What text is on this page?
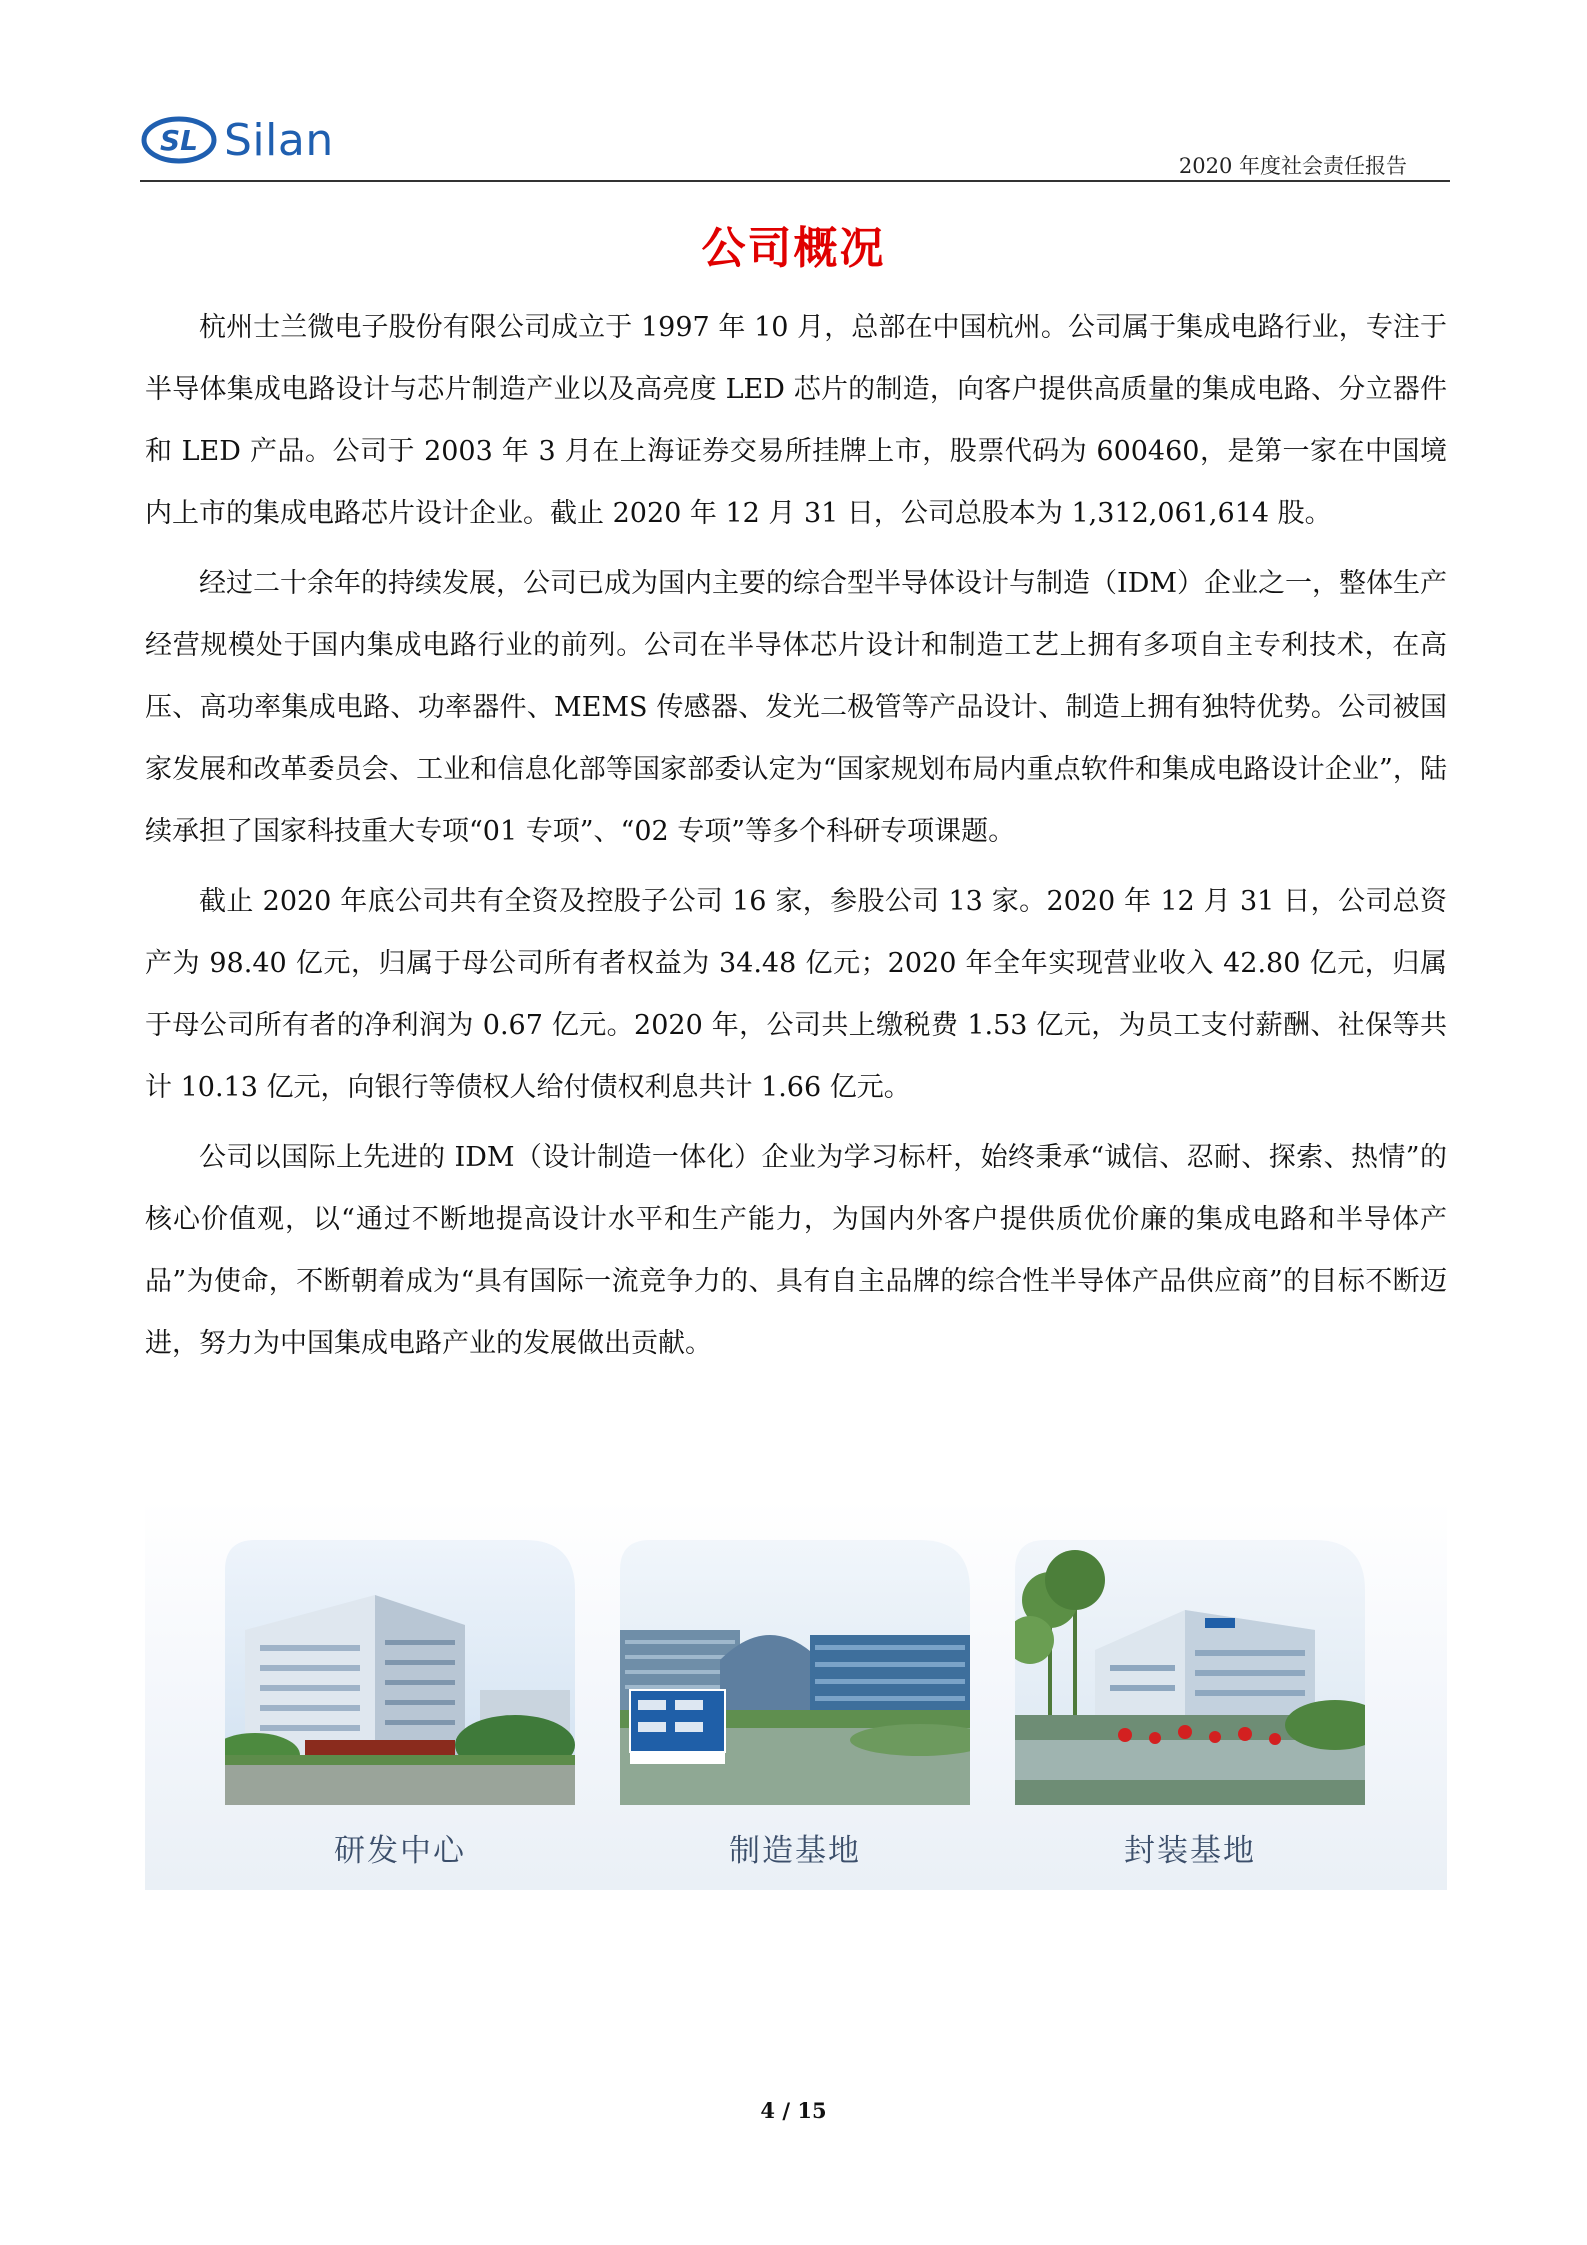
SL Silan
2020 年度社会责任报告
公司概况

杭州士兰微电子股份有限公司成立于 1997 年 10 月，总部在中国杭州。公司属于集成电路行业，专注于半导体集成电路设计与芯片制造产业以及高亮度 LED 芯片的制造，向客户提供高质量的集成电路、分立器件和 LED 产品。公司于 2003 年 3 月在上海证券交易所挂牌上市，股票代码为 600460，是第一家在中国境内上市的集成电路芯片设计企业。截止 2020 年 12 月 31 日，公司总股本为 1,312,061,614 股。

经过二十余年的持续发展，公司已成为国内主要的综合型半导体设计与制造（IDM）企业之一，整体生产经营规模处于国内集成电路行业的前列。公司在半导体芯片设计和制造工艺上拥有多项自主专利技术，在高压、高功率集成电路、功率器件、MEMS 传感器、发光二极管等产品设计、制造上拥有独特优势。公司被国家发展和改革委员会、工业和信息化部等国家部委认定为“国家规划布局内重点软件和集成电路设计企业”，陆续承担了国家科技重大专项“01 专项”、“02 专项”等多个科研专项课题。

截止 2020 年底公司共有全资及控股子公司 16 家，参股公司 13 家。2020 年 12 月 31 日，公司总资产为 98.40 亿元，归属于母公司所有者权益为 34.48 亿元；2020 年全年实现营业收入 42.80 亿元，归属于母公司所有者的净利润为 0.67 亿元。2020 年，公司共上缴税费 1.53 亿元，为员工支付薪酬、社保等共计 10.13 亿元，向银行等债权人给付债权利息共计 1.66 亿元。

公司以国际上先进的 IDM（设计制造一体化）企业为学习标杆，始终秉承“诚信、忍耐、探索、热情”的核心价值观，以“通过不断地提高设计水平和生产能力，为国内外客户提供质优价廉的集成电路和半导体产品”为使命，不断朝着成为“具有国际一流竞争力的、具有自主品牌的综合性半导体产品供应商”的目标不断迈进，努力为中国集成电路产业的发展做出贡献。

研发中心	制造基地	封装基地
4 / 15
